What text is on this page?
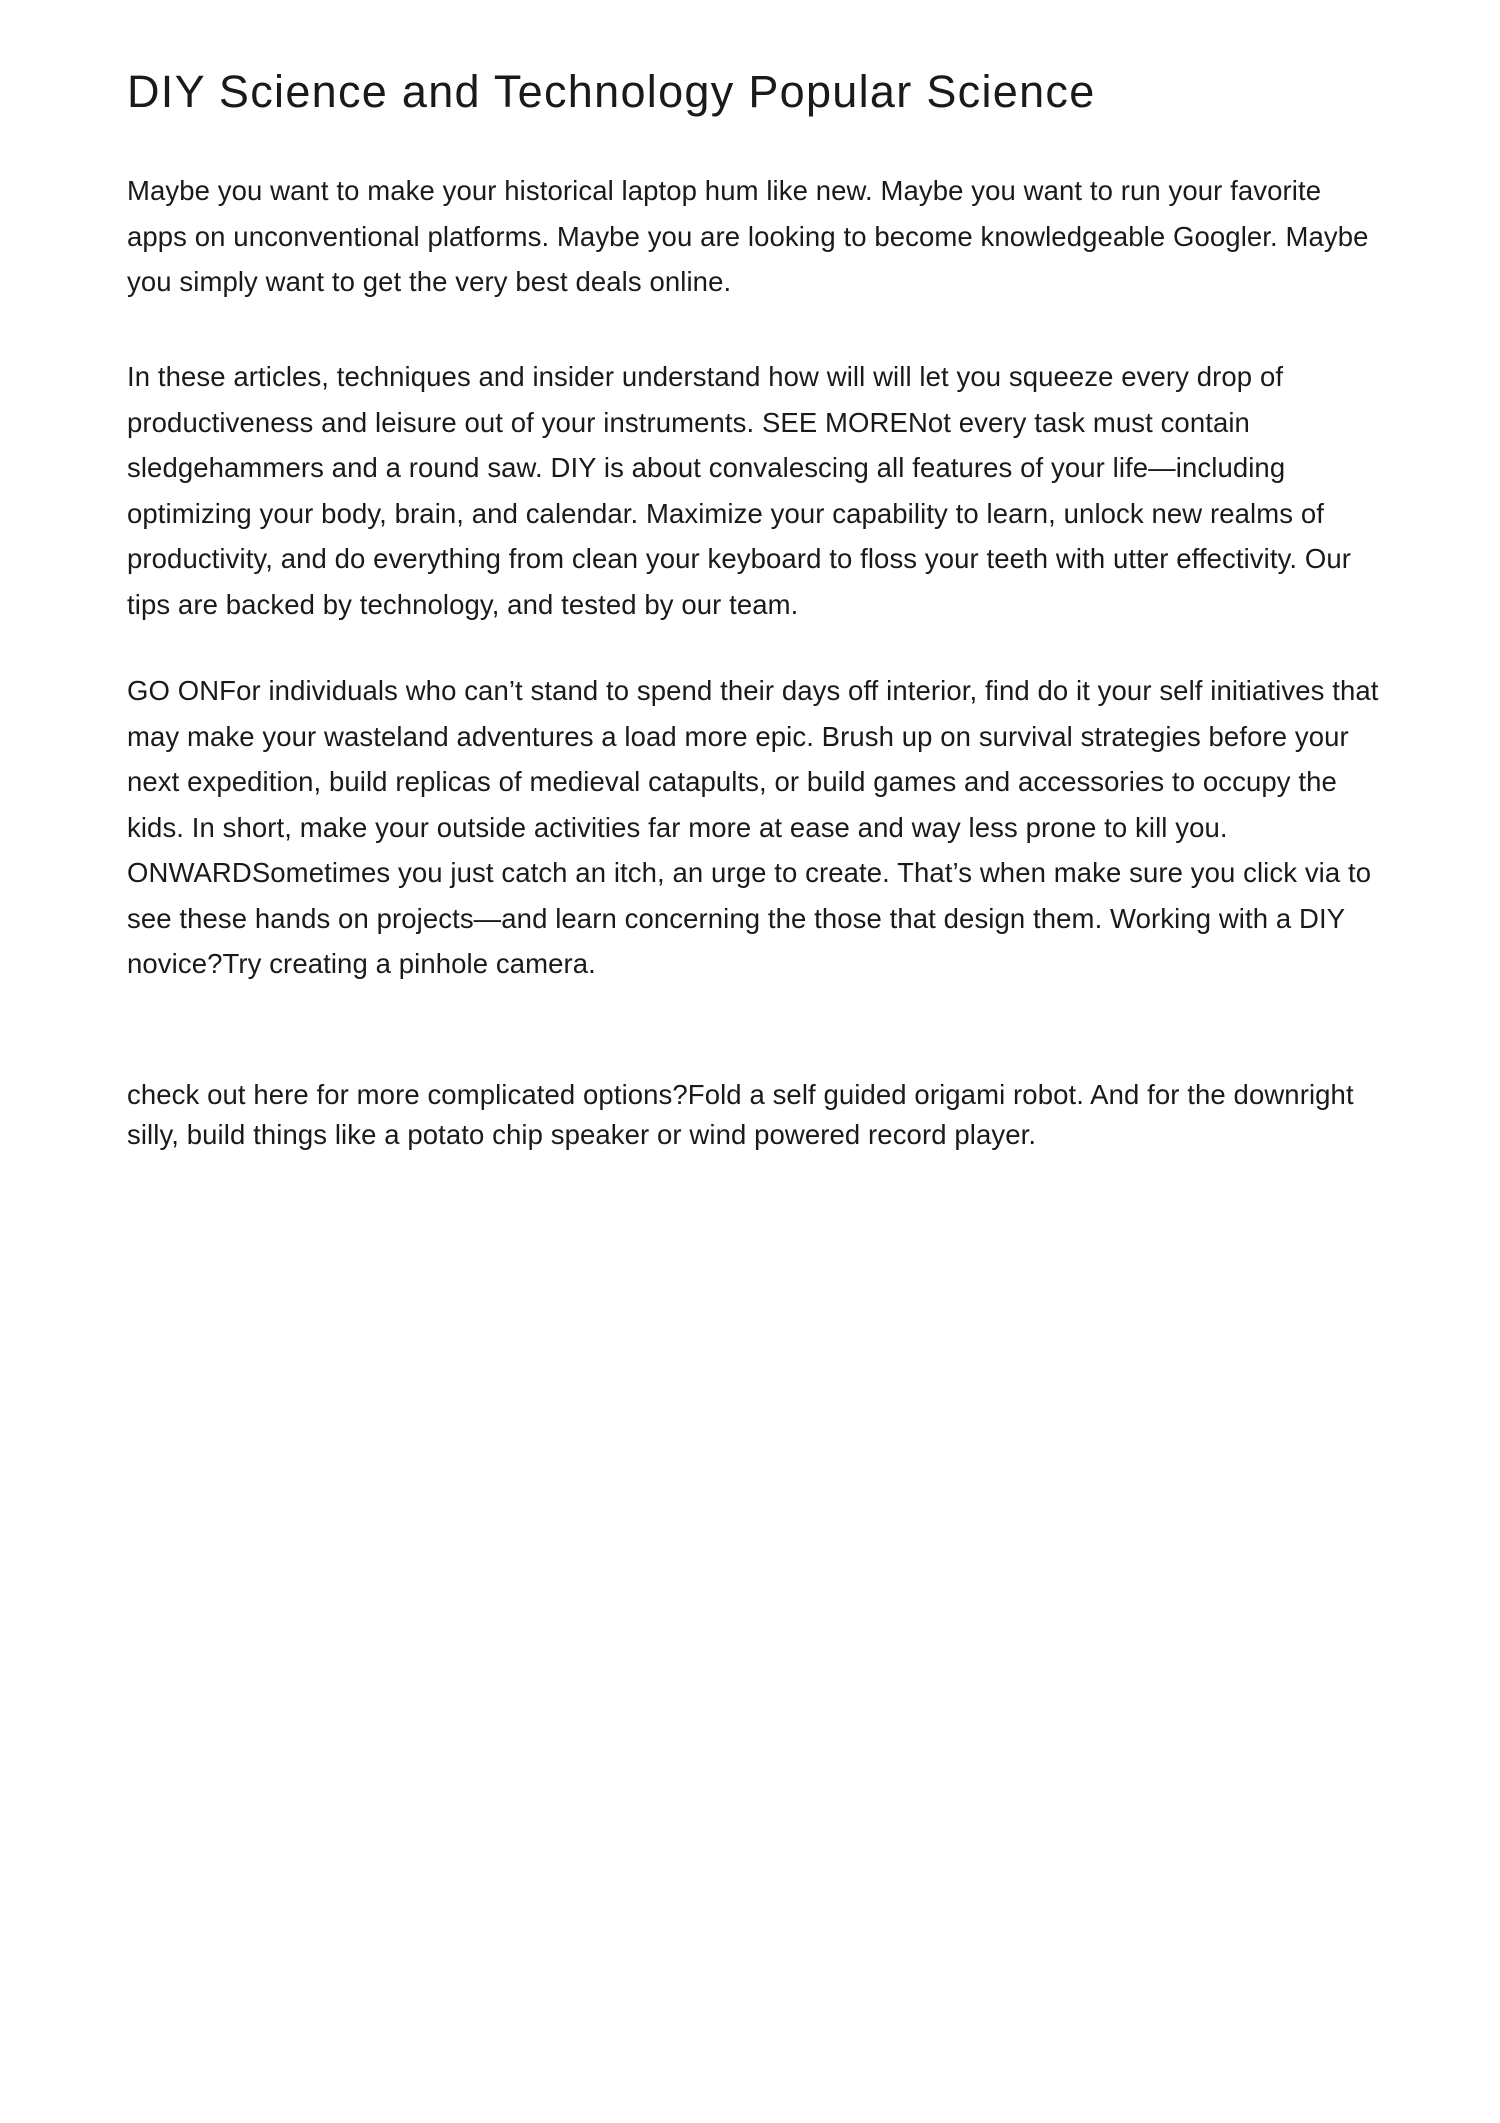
DIY Science and Technology Popular Science

Maybe you want to make your historical laptop hum like new. Maybe you want to run your favorite apps on unconventional platforms. Maybe you are looking to become knowledgeable Googler. Maybe you simply want to get the very best deals online.

In these articles, techniques and insider understand how will will let you squeeze every drop of productiveness and leisure out of your instruments. SEE MORENot every task must contain sledgehammers and a round saw. DIY is about convalescing all features of your life—including optimizing your body, brain, and calendar. Maximize your capability to learn, unlock new realms of productivity, and do everything from clean your keyboard to floss your teeth with utter effectivity. Our tips are backed by technology, and tested by our team.

GO ONFor individuals who can’t stand to spend their days off interior, find do it your self initiatives that may make your wasteland adventures a load more epic. Brush up on survival strategies before your next expedition, build replicas of medieval catapults, or build games and accessories to occupy the kids. In short, make your outside activities far more at ease and way less prone to kill you. ONWARDSometimes you just catch an itch, an urge to create. That’s when make sure you click via to see these hands on projects—and learn concerning the those that design them. Working with a DIY novice?Try creating a pinhole camera.

check out here for more complicated options?Fold a self guided origami robot. And for the downright silly, build things like a potato chip speaker or wind powered record player.
